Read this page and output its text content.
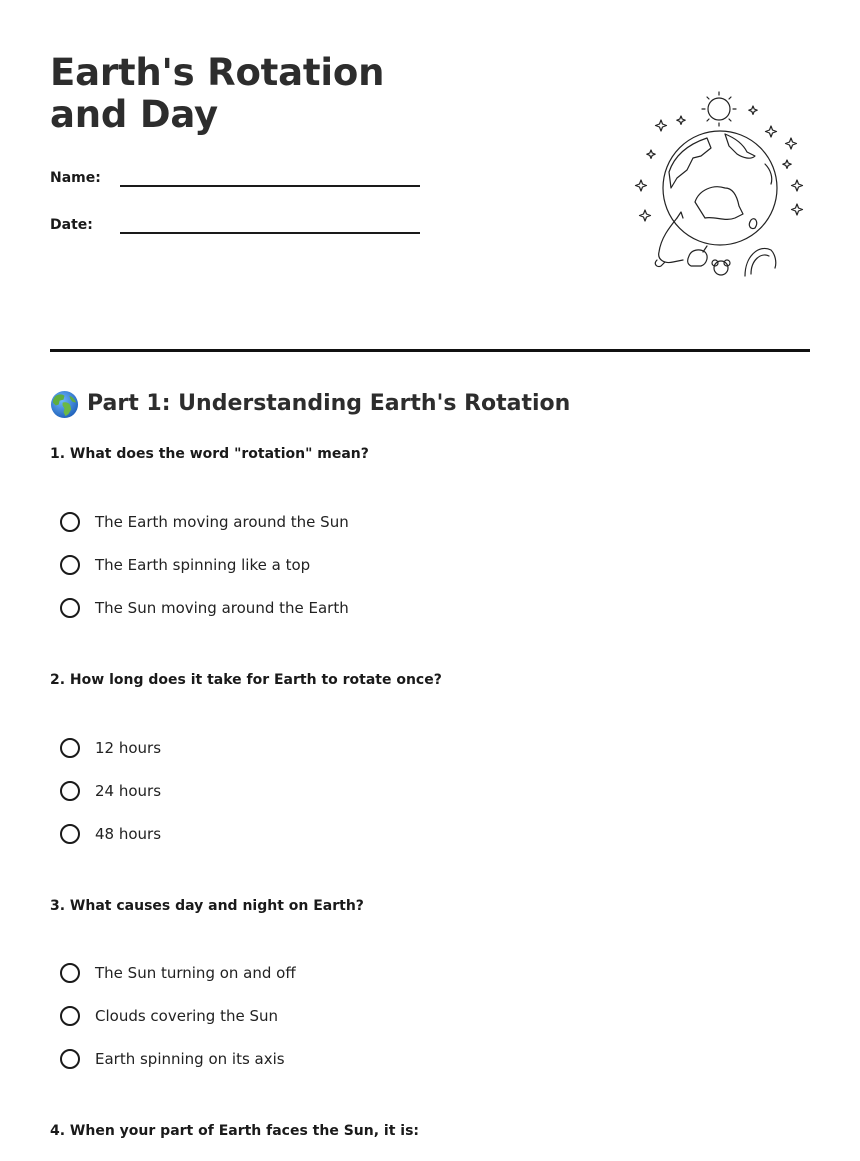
Earth's Rotation and Day
Name:
Date:
Part 1: Understanding Earth's Rotation

1. What does the word "rotation" mean?

The Earth moving around the Sun
The Earth spinning like a top
The Sun moving around the Earth

2. How long does it take for Earth to rotate once?

12 hours
24 hours
48 hours

3. What causes day and night on Earth?

The Sun turning on and off
Clouds covering the Sun
Earth spinning on its axis

4. When your part of Earth faces the Sun, it is:
